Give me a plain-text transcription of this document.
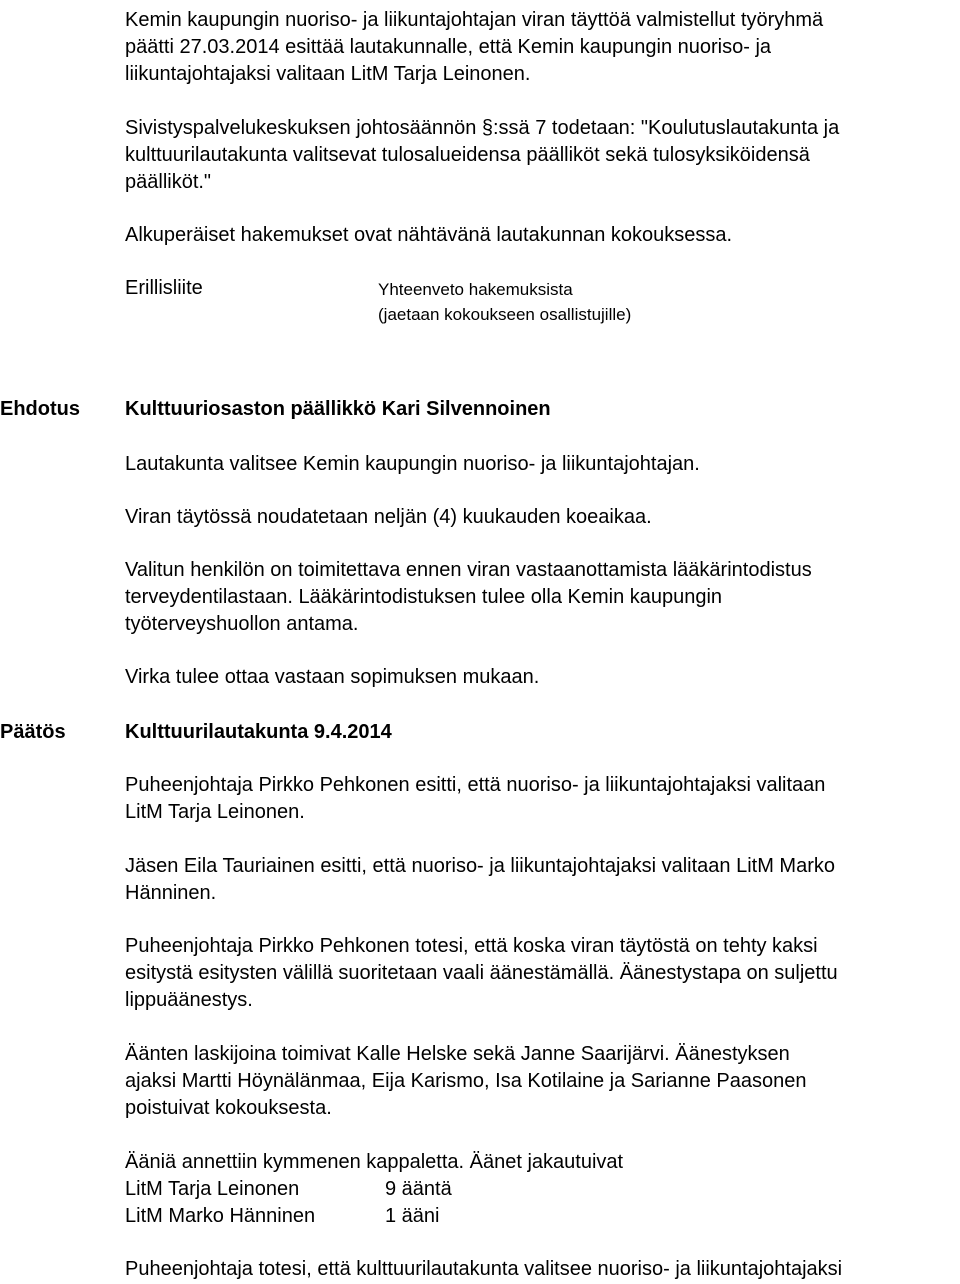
Kemin kaupungin nuoriso- ja liikuntajohtajan viran täyttöä valmistellut työryhmä
päätti 27.03.2014 esittää lautakunnalle, että Kemin kaupungin nuoriso- ja
liikuntajohtajaksi valitaan LitM Tarja Leinonen.
Sivistyspalvelukeskuksen johtosäännön §:ssä 7 todetaan: "Koulutuslautakunta ja
kulttuurilautakunta valitsevat tulosalueidensa päälliköt sekä tulosyksiköidensä
päälliköt."
Alkuperäiset hakemukset ovat nähtävänä lautakunnan kokouksessa.
Erillisliite	Yhteenveto hakemuksista
(jaetaan kokoukseen osallistujille)
Ehdotus Kulttuuriosaston päällikkö Kari Silvennoinen
Lautakunta valitsee Kemin kaupungin nuoriso- ja liikuntajohtajan.
Viran täytössä noudatetaan neljän (4) kuukauden koeaikaa.
Valitun henkilön on toimitettava ennen viran vastaanottamista lääkärintodistus
terveydentilastaan. Lääkärintodistuksen tulee olla Kemin kaupungin
työterveyshuollon antama.
Virka tulee ottaa vastaan sopimuksen mukaan.
Päätös	Kulttuurilautakunta 9.4.2014
Puheenjohtaja Pirkko Pehkonen esitti, että nuoriso- ja liikuntajohtajaksi valitaan
LitM Tarja Leinonen.
Jäsen Eila Tauriainen esitti, että nuoriso- ja liikuntajohtajaksi valitaan LitM Marko
Hänninen.
Puheenjohtaja Pirkko Pehkonen totesi, että koska viran täytöstä on tehty kaksi
esitystä esitysten välillä suoritetaan vaali äänestämällä. Äänestystapa on suljettu
lippuäänestys.
Äänten laskijoina toimivat Kalle Helske sekä Janne Saarijärvi. Äänestyksen
ajaksi Martti Höynälänmaa, Eija Karismo, Isa Kotilaine ja Sarianne Paasonen
poistuivat kokouksesta.
Ääniä annettiin kymmenen kappaletta. Äänet jakautuivat
LitM Tarja Leinonen	9 ääntä
LitM Marko Hänninen	1 ääni
Puheenjohtaja totesi, että kulttuurilautakunta valitsee nuoriso- ja liikuntajohtajaksi
